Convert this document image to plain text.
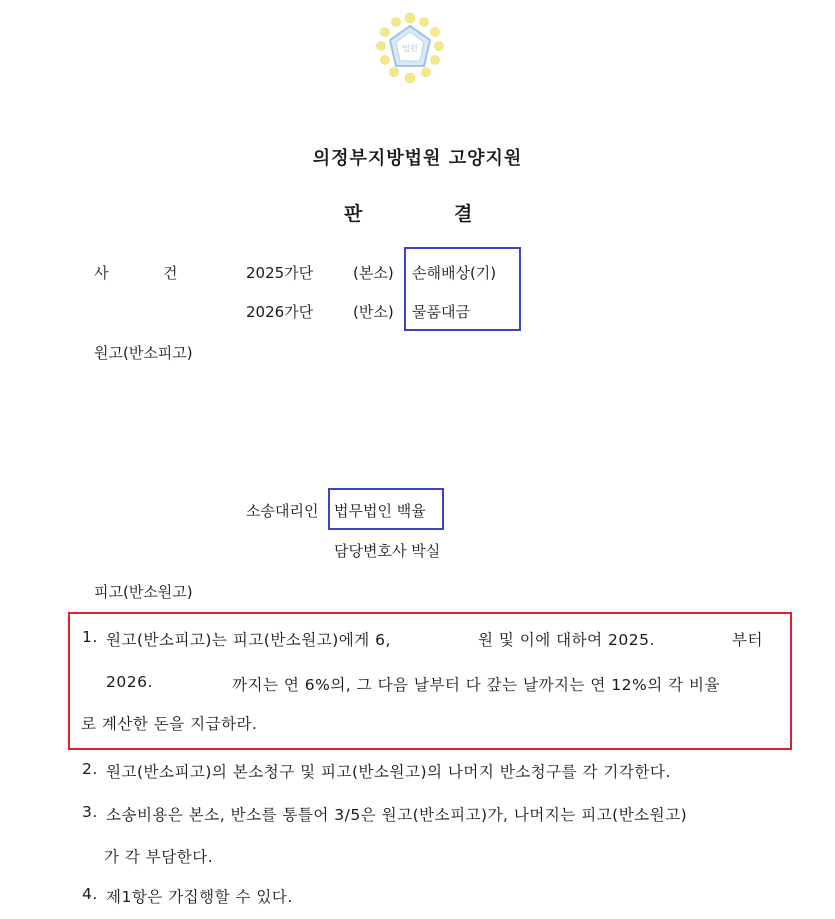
법원
의정부지방법원 고양지원
판	결
사	건	2025가단	(본소) 손해배상(기)
2026가단	(반소) 물품대금
원고(반소피고)
소송대리인 법무법인 백율
담당변호사 박실
피고(반소원고)
1. 원고(반소피고)는 피고(반소원고)에게 6,	원 및 이에 대하여 2025.	부터
2026.	까지는 연 6%의, 그 다음 날부터 다 갚는 날까지는 연 12%의 각 비율
로 계산한 돈을 지급하라.
2. 원고(반소피고)의 본소청구 및 피고(반소원고)의 나머지 반소청구를 각 기각한다.
3. 소송비용은 본소, 반소를 통틀어 3/5은 원고(반소피고)가, 나머지는 피고(반소원고)
가 각 부담한다.
4. 제1항은 가집행할 수 있다.
